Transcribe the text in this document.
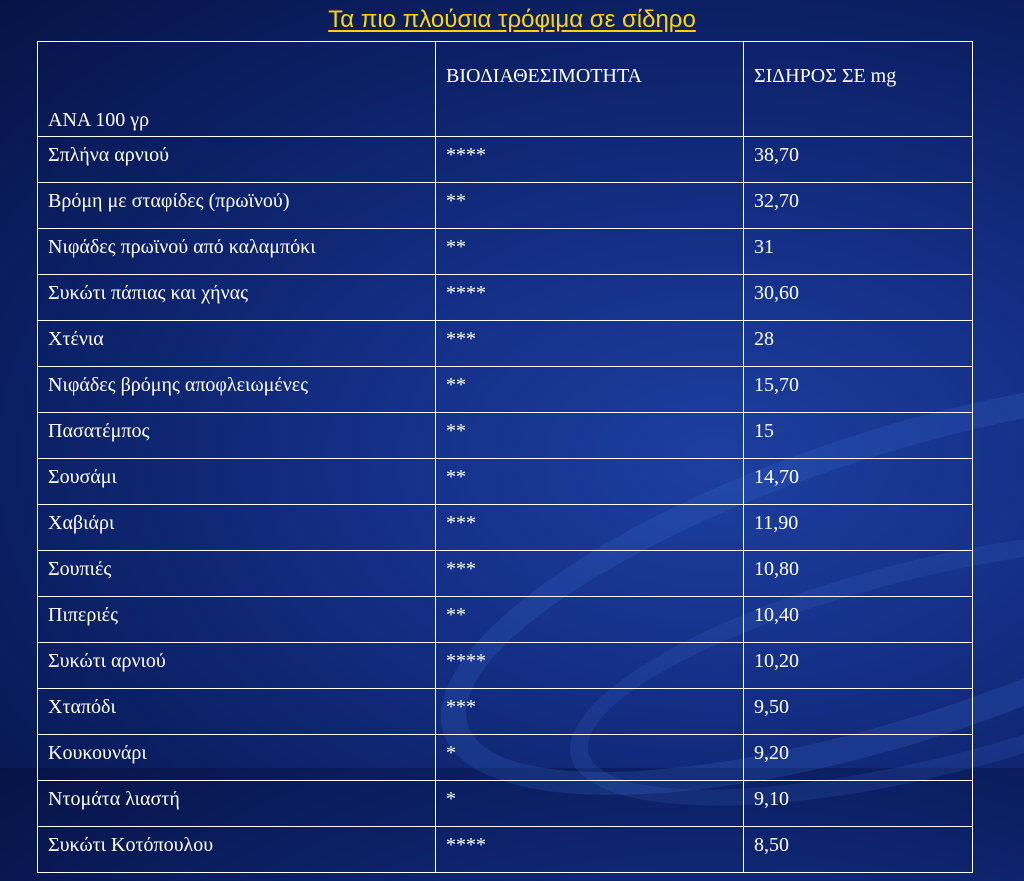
Τα πιο πλούσια τρόφιμα σε σίδηρο
ΑΝΑ 100 γρ	ΒΙΟΔΙΑΘΕΣΙΜΟΤΗΤΑ	ΣΙΔΗΡΟΣ ΣΕ mg
Σπλήνα αρνιού	****	38,70
Βρόμη με σταφίδες (πρωϊνού)	**	32,70
Νιφάδες πρωϊνού από καλαμπόκι	**	31
Συκώτι πάπιας και χήνας	****	30,60
Χτένια	***	28
Νιφάδες βρόμης αποφλειωμένες	**	15,70
Πασατέμπος	**	15
Σουσάμι	**	14,70
Χαβιάρι	***	11,90
Σουπιές	***	10,80
Πιπεριές	**	10,40
Συκώτι αρνιού	****	10,20
Χταπόδι	***	9,50
Κουκουνάρι	*	9,20
Ντομάτα λιαστή	*	9,10
Συκώτι Κοτόπουλου	****	8,50
